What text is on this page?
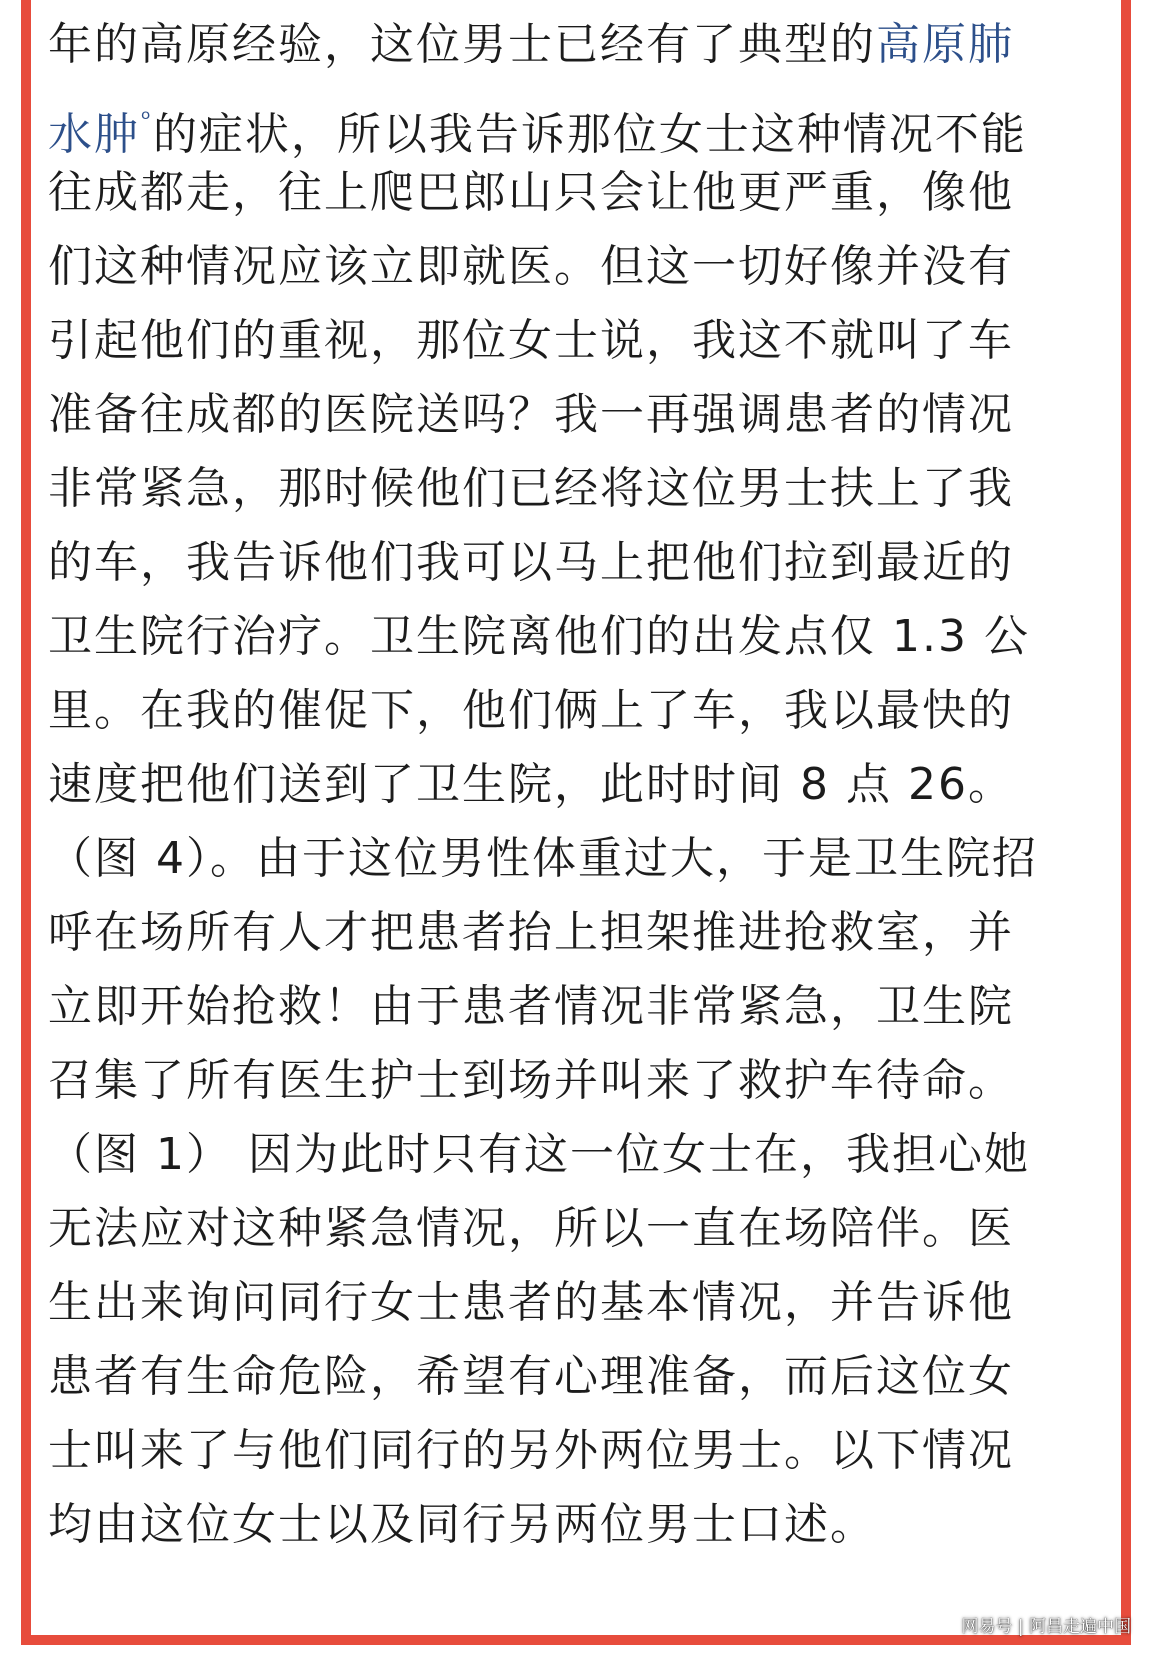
年的高原经验，这位男士已经有了典型的高原肺
水肿$^ᵒ$的症状，所以我告诉那位女士这种情况不能
往成都走，往上爬巴郎山只会让他更严重，像他
们这种情况应该立即就医。但这一切好像并没有
引起他们的重视，那位女士说，我这不就叫了车
准备往成都的医院送吗？我一再强调患者的情况
非常紧急，那时候他们已经将这位男士扶上了我
的车，我告诉他们我可以马上把他们拉到最近的
卫生院行治疗。卫生院离他们的出发点仅 1.3 公
里。在我的催促下，他们俩上了车，我以最快的
速度把他们送到了卫生院，此时时间 8 点 26。
（图 4）。由于这位男性体重过大，于是卫生院招
呼在场所有人才把患者抬上担架推进抢救室，并
立即开始抢救！由于患者情况非常紧急，卫生院
召集了所有医生护士到场并叫来了救护车待命。
（图 1） 因为此时只有这一位女士在，我担心她
无法应对这种紧急情况，所以一直在场陪伴。医
生出来询问同行女士患者的基本情况，并告诉他
患者有生命危险，希望有心理准备，而后这位女
士叫来了与他们同行的另外两位男士。以下情况
均由这位女士以及同行另两位男士口述。
网易号 | 阿昌走遍中国
